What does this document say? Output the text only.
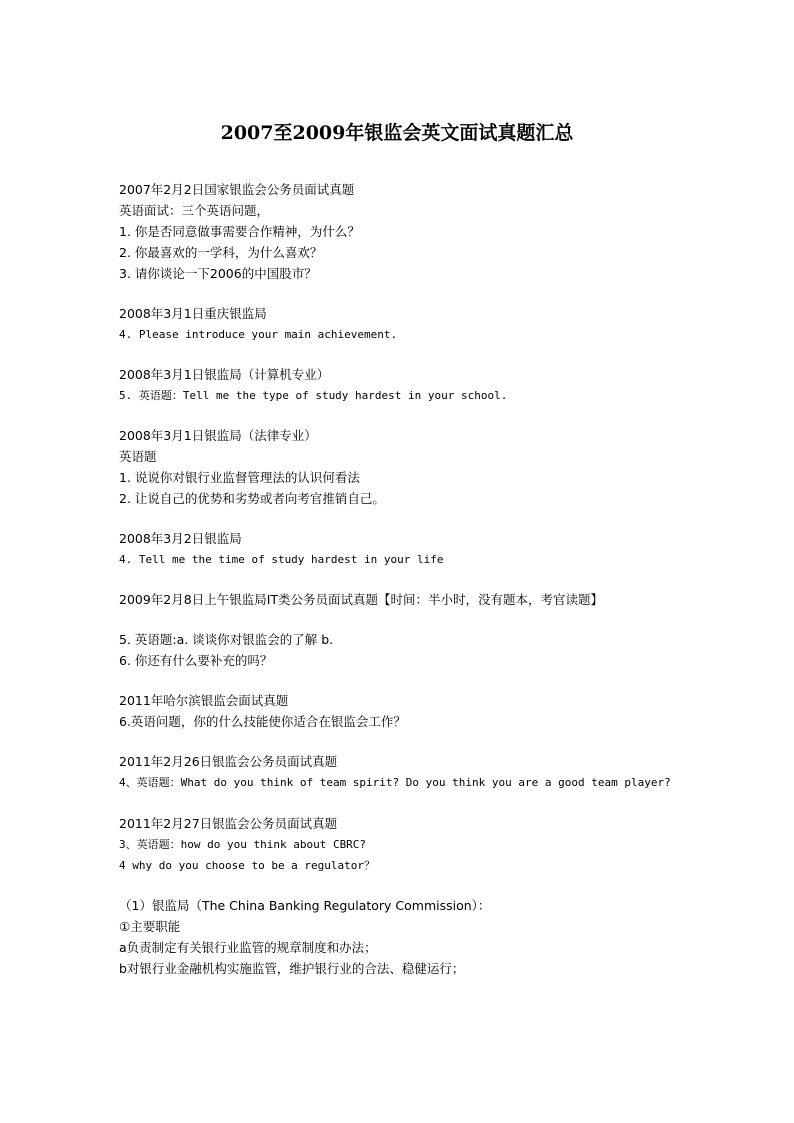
2007至2009年银监会英文面试真题汇总

2007年2月2日国家银监会公务员面试真题

英语面试：三个英语问题，

1. 你是否同意做事需要合作精神，为什么？

2. 你最喜欢的一学科，为什么喜欢？

3. 请你谈论一下2006的中国股市？

2008年3月1日重庆银监局

4. Please introduce your main achievement.

2008年3月1日银监局（计算机专业）

5. 英语题：Tell me the type of study hardest in your school.

2008年3月1日银监局（法律专业）

英语题

1. 说说你对银行业监督管理法的认识何看法

2. 让说自己的优势和劣势或者向考官推销自己。

2008年3月2日银监局

4. Tell me the time of study hardest in your life

2009年2月8日上午银监局IT类公务员面试真题【时间：半小时，没有题本，考官读题】

5. 英语题:a. 谈谈你对银监会的了解 b.

6. 你还有什么要补充的吗？

2011年哈尔滨银监会面试真题

6.英语问题，你的什么技能使你适合在银监会工作？

2011年2月26日银监会公务员面试真题

4、英语题：What do you think of team spirit? Do you think you are a good team player?

2011年2月27日银监会公务员面试真题

3、英语题：how do you think about CBRC?

4 why do you choose to be a regulator？

（1）银监局（The China Banking Regulatory Commission）：

①主要职能

a负责制定有关银行业监管的规章制度和办法；

b对银行业金融机构实施监管，维护银行业的合法、稳健运行；
